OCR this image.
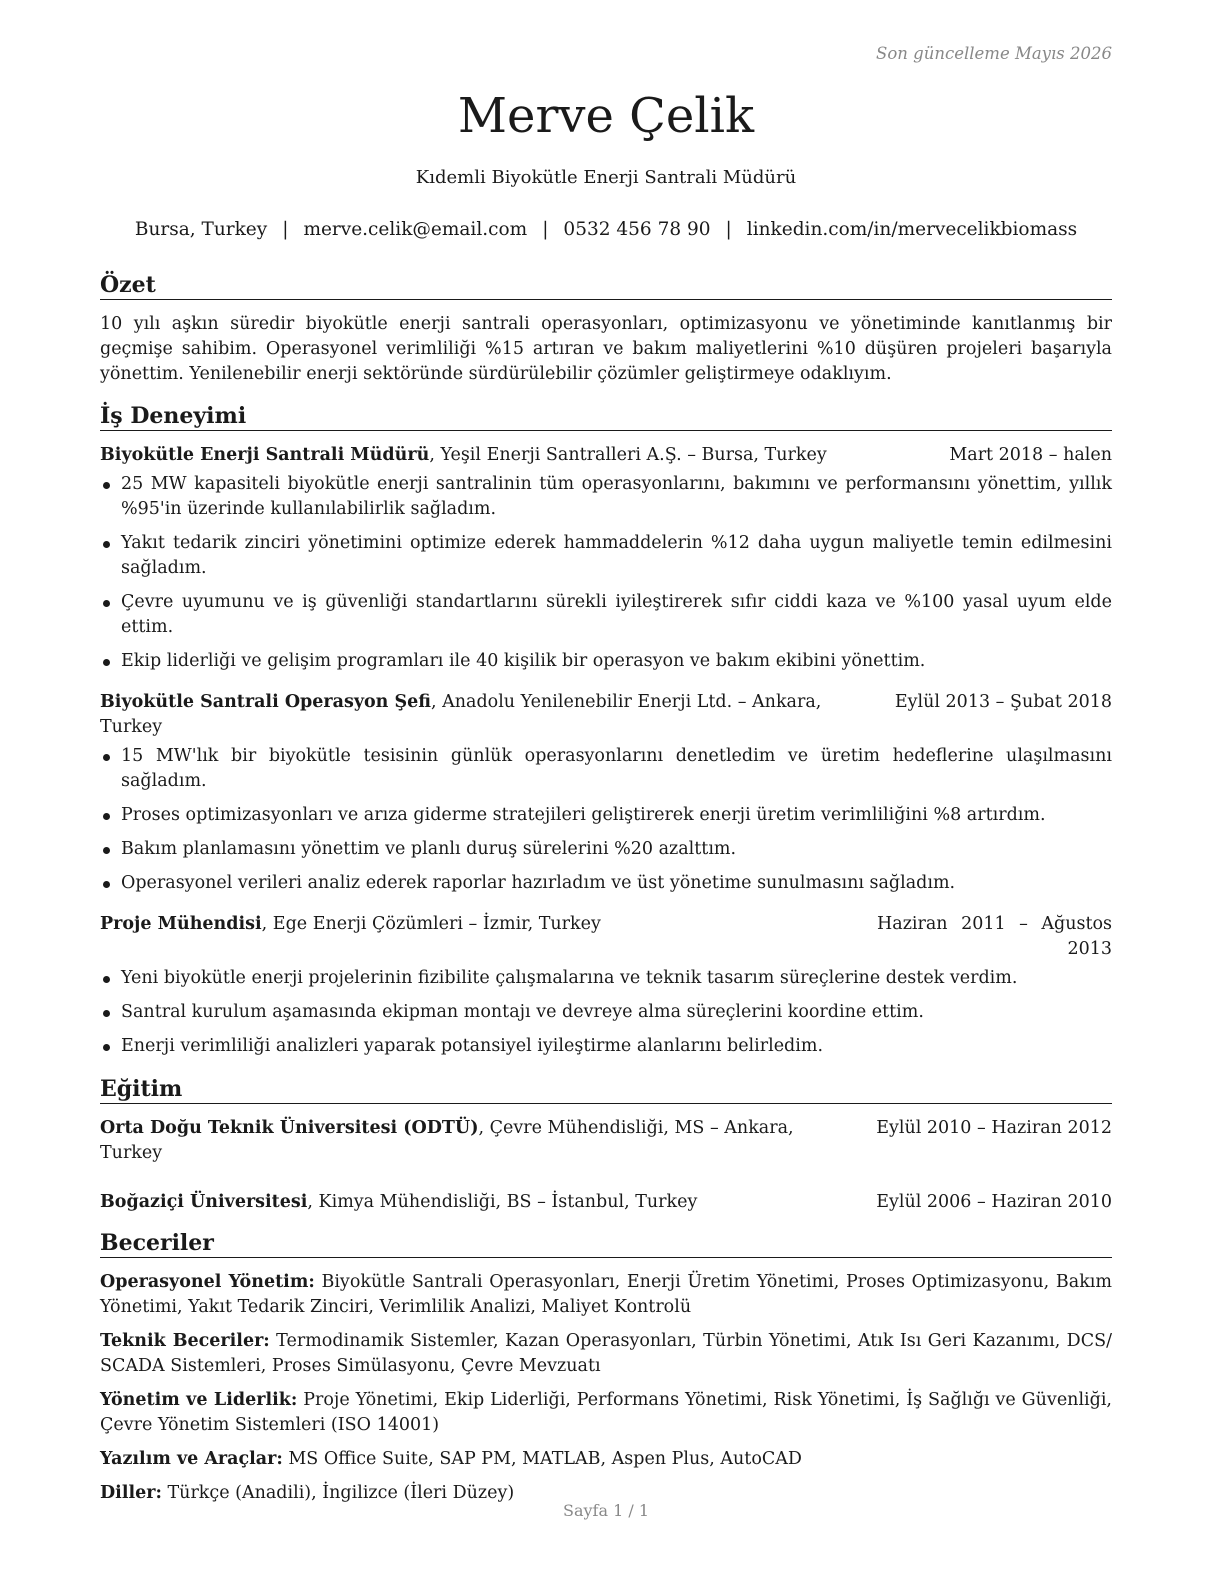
Son güncelleme Mayıs 2026
Merve Çelik
Kıdemli Biyokütle Enerji Santrali Müdürü
Bursa, Turkey | merve.celik@email.com | 0532 456 78 90 | linkedin.com/in/mervecelikbiomass
Özet

10 yılı aşkın süredir biyokütle enerji santrali operasyonları, optimizasyonu ve yönetiminde kanıtlanmış bir geçmişe sahibim. Operasyonel verimliliği %15 artıran ve bakım maliyetlerini %10 düşüren projeleri başarıyla yönettim. Yenilenebilir enerji sektöründe sürdürülebilir çözümler geliştirmeye odaklıyım.

İş Deneyimi
Biyokütle Enerji Santrali Müdürü, Yeşil Enerji Santralleri A.Ş. – Bursa, Turkey	Mart 2018 – halen
25 MW kapasiteli biyokütle enerji santralinin tüm operasyonlarını, bakımını ve performansını yönettim, yıllık %95'in üzerinde kullanılabilirlik sağladım.
Yakıt tedarik zinciri yönetimini optimize ederek hammaddelerin %12 daha uygun maliyetle temin edilmesini sağladım.
Çevre uyumunu ve iş güvenliği standartlarını sürekli iyileştirerek sıfır ciddi kaza ve %100 yasal uyum elde ettim.
Ekip liderliği ve gelişim programları ile 40 kişilik bir operasyon ve bakım ekibini yönettim.
Biyokütle Santrali Operasyon Şefi, Anadolu Yenilenebilir Enerji Ltd. – Ankara, Turkey
Eylül 2013 – Şubat 2018
15 MW'lık bir biyokütle tesisinin günlük operasyonlarını denetledim ve üretim hedeflerine ulaşılmasını sağladım.
Proses optimizasyonları ve arıza giderme stratejileri geliştirerek enerji üretim verimliliğini %8 artırdım.
Bakım planlamasını yönettim ve planlı duruş sürelerini %20 azalttım.
Operasyonel verileri analiz ederek raporlar hazırladım ve üst yönetime sunulmasını sağladım.
Proje Mühendisi, Ege Enerji Çözümleri – İzmir, Turkey	Haziran 2011 – Ağustos 2013
Yeni biyokütle enerji projelerinin fizibilite çalışmalarına ve teknik tasarım süreçlerine destek verdim.
Santral kurulum aşamasında ekipman montajı ve devreye alma süreçlerini koordine ettim.
Enerji verimliliği analizleri yaparak potansiyel iyileştirme alanlarını belirledim.
Eğitim
Orta Doğu Teknik Üniversitesi (ODTÜ), Çevre Mühendisliği, MS – Ankara, Turkey
Eylül 2010 – Haziran 2012
Boğaziçi Üniversitesi, Kimya Mühendisliği, BS – İstanbul, Turkey	Eylül 2006 – Haziran 2010
Beceriler

Operasyonel Yönetim: Biyokütle Santrali Operasyonları, Enerji Üretim Yönetimi, Proses Optimizasyonu, Bakım Yönetimi, Yakıt Tedarik Zinciri, Verimlilik Analizi, Maliyet Kontrolü

Teknik Beceriler: Termodinamik Sistemler, Kazan Operasyonları, Türbin Yönetimi, Atık Isı Geri Kazanımı, DCS/ SCADA Sistemleri, Proses Simülasyonu, Çevre Mevzuatı

Yönetim ve Liderlik: Proje Yönetimi, Ekip Liderliği, Performans Yönetimi, Risk Yönetimi, İş Sağlığı ve Güvenliği, Çevre Yönetim Sistemleri (ISO 14001)

Yazılım ve Araçlar: MS Office Suite, SAP PM, MATLAB, Aspen Plus, AutoCAD

Diller: Türkçe (Anadili), İngilizce (İleri Düzey)

Sayfa 1 / 1
